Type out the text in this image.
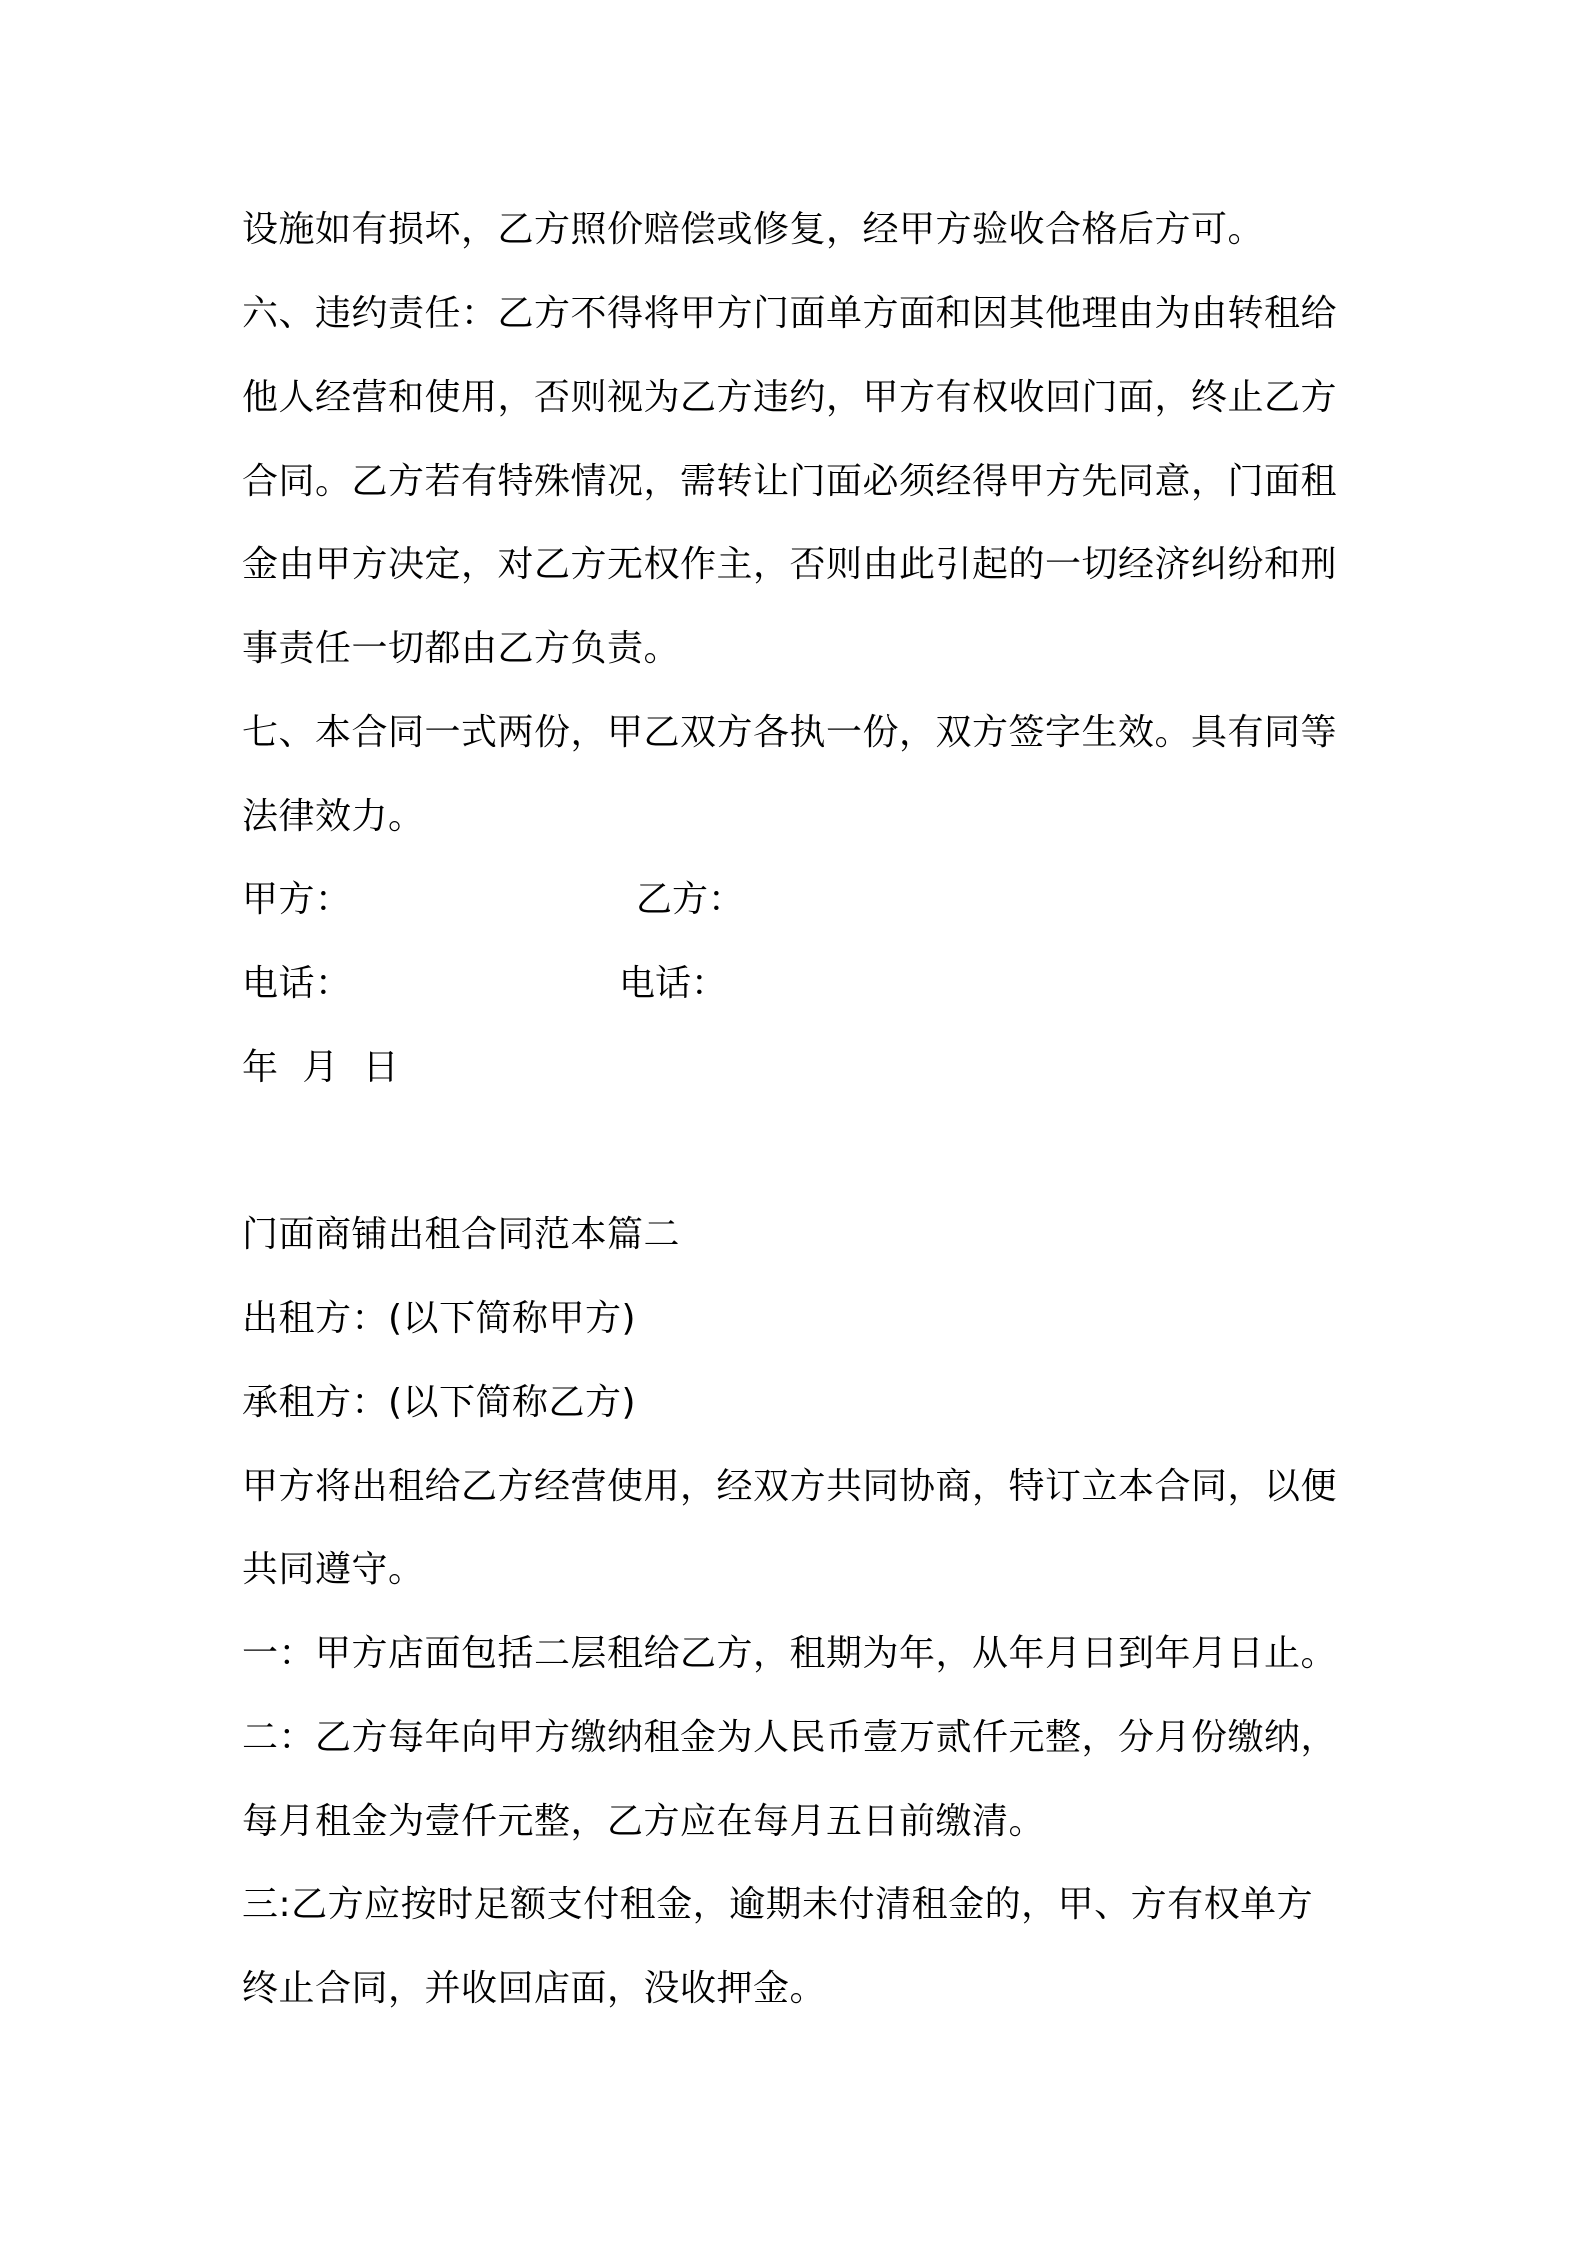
设施如有损坏，乙方照价赔偿或修复，经甲方验收合格后方可。
六、违约责任：乙方不得将甲方门面单方面和因其他理由为由转租给
他人经营和使用，否则视为乙方违约，甲方有权收回门面，终止乙方
合同。乙方若有特殊情况，需转让门面必须经得甲方先同意，门面租
金由甲方决定，对乙方无权作主，否则由此引起的一切经济纠纷和刑
事责任一切都由乙方负责。
七、本合同一式两份，甲乙双方各执一份，双方签字生效。具有同等
法律效力。
甲方：	乙方：
电话：	电话：
年  月  日
门面商铺出租合同范本篇二
出租方：(以下简称甲方)
承租方：(以下简称乙方)
甲方将出租给乙方经营使用，经双方共同协商，特订立本合同，以便
共同遵守。
一：甲方店面包括二层租给乙方，租期为年，从年月日到年月日止。
二：乙方每年向甲方缴纳租金为人民币壹万贰仟元整，分月份缴纳，
每月租金为壹仟元整，乙方应在每月五日前缴清。
三:乙方应按时足额支付租金，逾期未付清租金的，甲、方有权单方
终止合同，并收回店面，没收押金。
